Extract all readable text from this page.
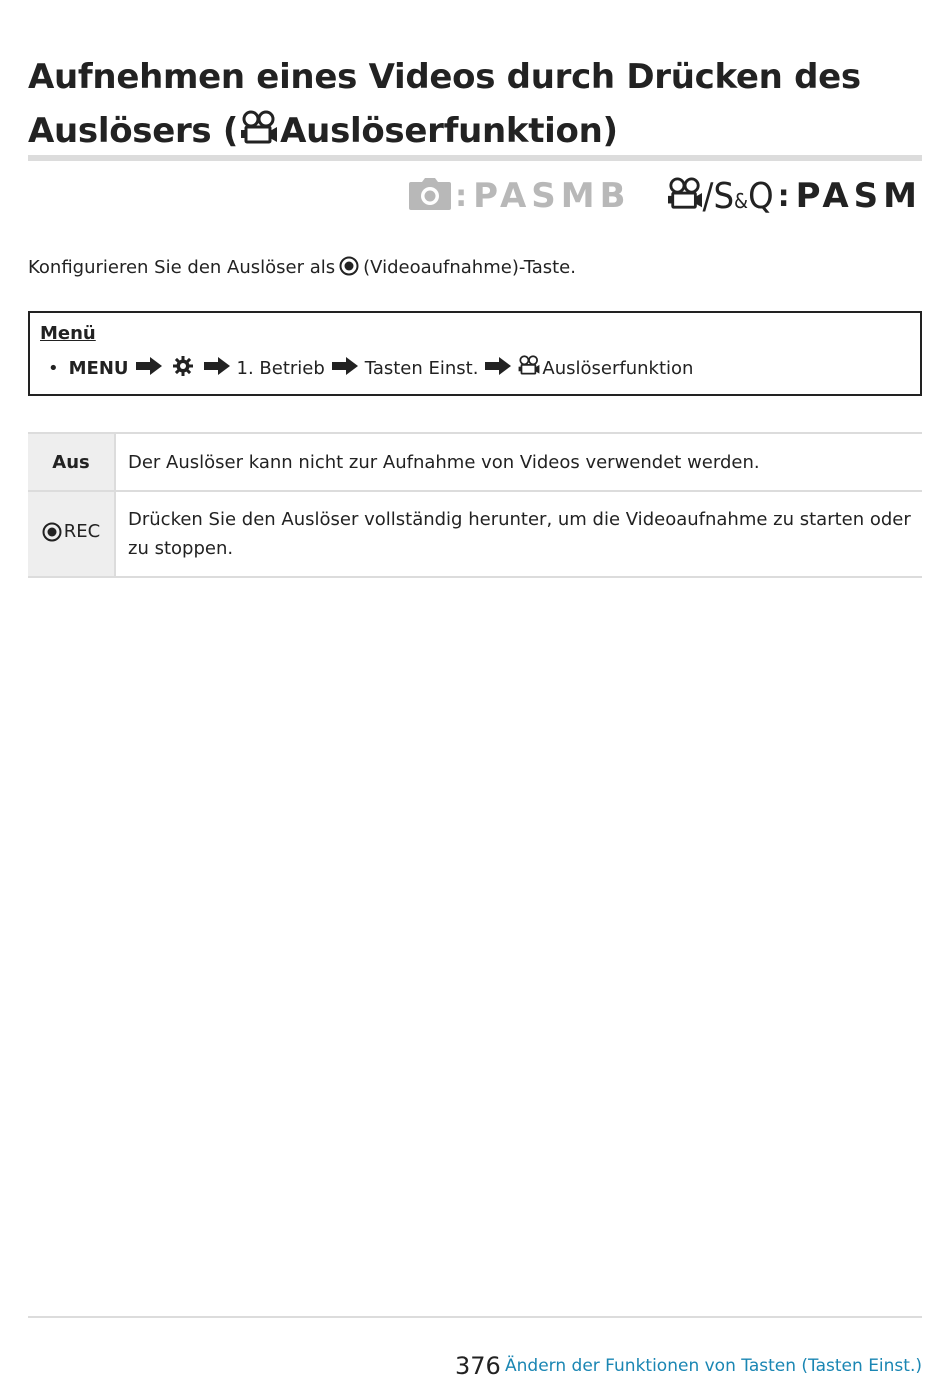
Aufnehmen eines Videos durch Drücken des
Auslösers ( Auslöserfunktion)
: PASMB / S&Q : PASM
Konfigurieren Sie den Auslöser als (Videoaufnahme)-Taste.
Menü
• MENU	1. Betrieb Tasten Einst.	Auslöserfunktion
Aus	Der Auslöser kann nicht zur Aufnahme von Videos verwendet werden.

REC	Drücken Sie den Auslöser vollständig herunter, um die Videoaufnahme zu starten oder zu stoppen.
376 Ändern der Funktionen von Tasten (Tasten Einst.)
